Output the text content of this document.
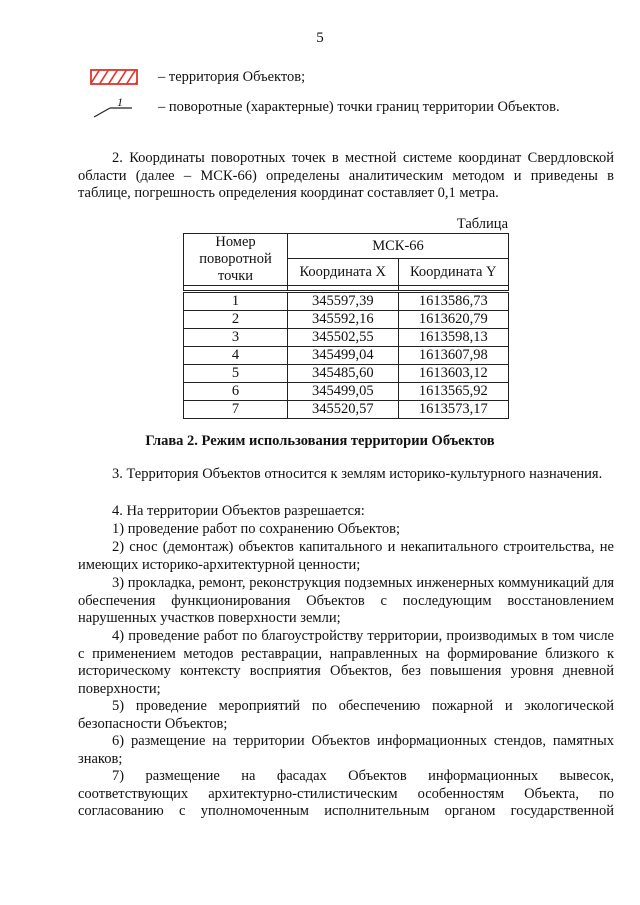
5
– территория Объектов;
1 – поворотные (характерные) точки границ территории Объектов.

2. Координаты поворотных точек в местной системе координат Свердловской области (далее – МСК-66) определены аналитическим методом и приведены в таблице, погрешность определения координат составляет 0,1 метра.

Таблица
Номер поворотной точки	МСК-66	
	Координата X	Координата Y

1	345597,39	1613586,73
2	345592,16	1613620,79
3	345502,55	1613598,13
4	345499,04	1613607,98
5	345485,60	1613603,12
6	345499,05	1613565,92
7	345520,57	1613573,17
Глава 2. Режим использования территории Объектов

3. Территория Объектов относится к землям историко-культурного назначения.

4. На территории Объектов разрешается:

1) проведение работ по сохранению Объектов;

2) снос (демонтаж) объектов капитального и некапитального строительства, не имеющих историко-архитектурной ценности;

3) прокладка, ремонт, реконструкция подземных инженерных коммуникаций для обеспечения функционирования Объектов с последующим восстановлением нарушенных участков поверхности земли;

4) проведение работ по благоустройству территории, производимых в том числе с применением методов реставрации, направленных на формирование близкого к историческому контексту восприятия Объектов, без повышения уровня дневной поверхности;

5) проведение мероприятий по обеспечению пожарной и экологической безопасности Объектов;

6) размещение на территории Объектов информационных стендов, памятных знаков;

7) размещение на фасадах Объектов информационных вывесок, соответствующих архитектурно-стилистическим особенностям Объекта, по согласованию с уполномоченным исполнительным органом государственной
